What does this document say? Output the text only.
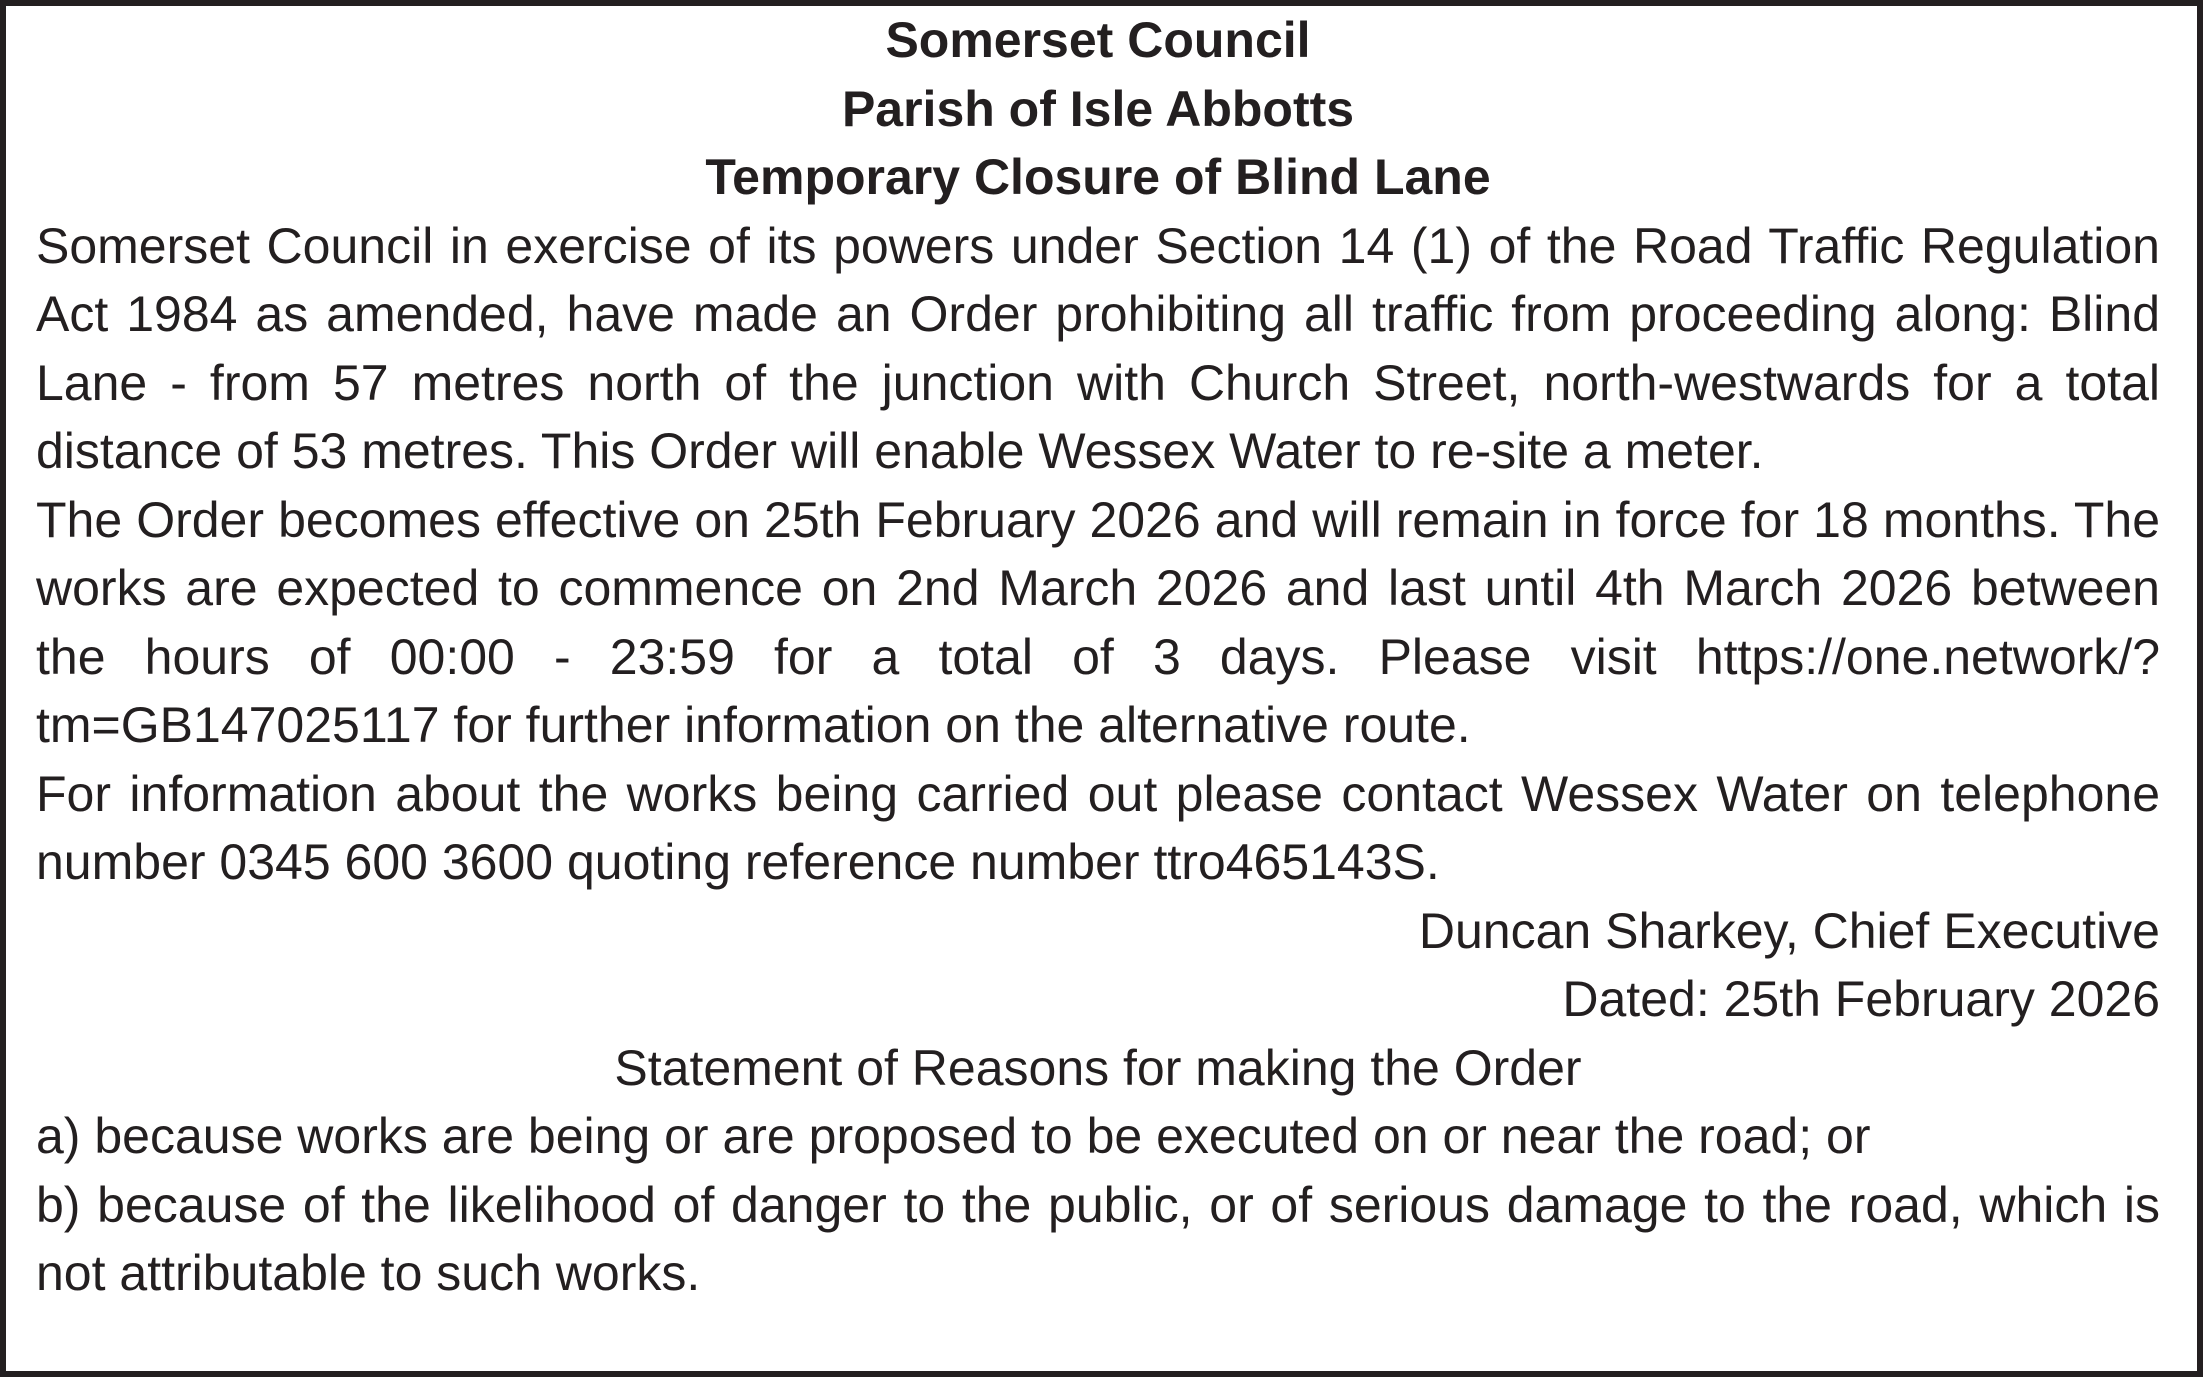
Somerset Council
Parish of Isle Abbotts
Temporary Closure of Blind Lane

Somerset Council in exercise of its powers under Section 14 (1) of the Road Traffic Regulation Act 1984 as amended, have made an Order prohibiting all traffic from proceeding along: Blind Lane - from 57 metres north of the junction with Church Street, north-westwards for a total distance of 53 metres. This Order will enable Wessex Water to re-site a meter.

The Order becomes effective on 25th February 2026 and will remain in force for 18 months. The works are expected to commence on 2nd March 2026 and last until 4th March 2026 between the hours of 00:00 - 23:59 for a total of 3 days. Please visit https://one.network/?tm=GB147025117 for further information on the alternative route.

For information about the works being carried out please contact Wessex Water on telephone number 0345 600 3600 quoting reference number ttro465143S.

Duncan Sharkey, Chief Executive
Dated: 25th February 2026
Statement of Reasons for making the Order

a) because works are being or are proposed to be executed on or near the road; or

b) because of the likelihood of danger to the public, or of serious damage to the road, which is not attributable to such works.
